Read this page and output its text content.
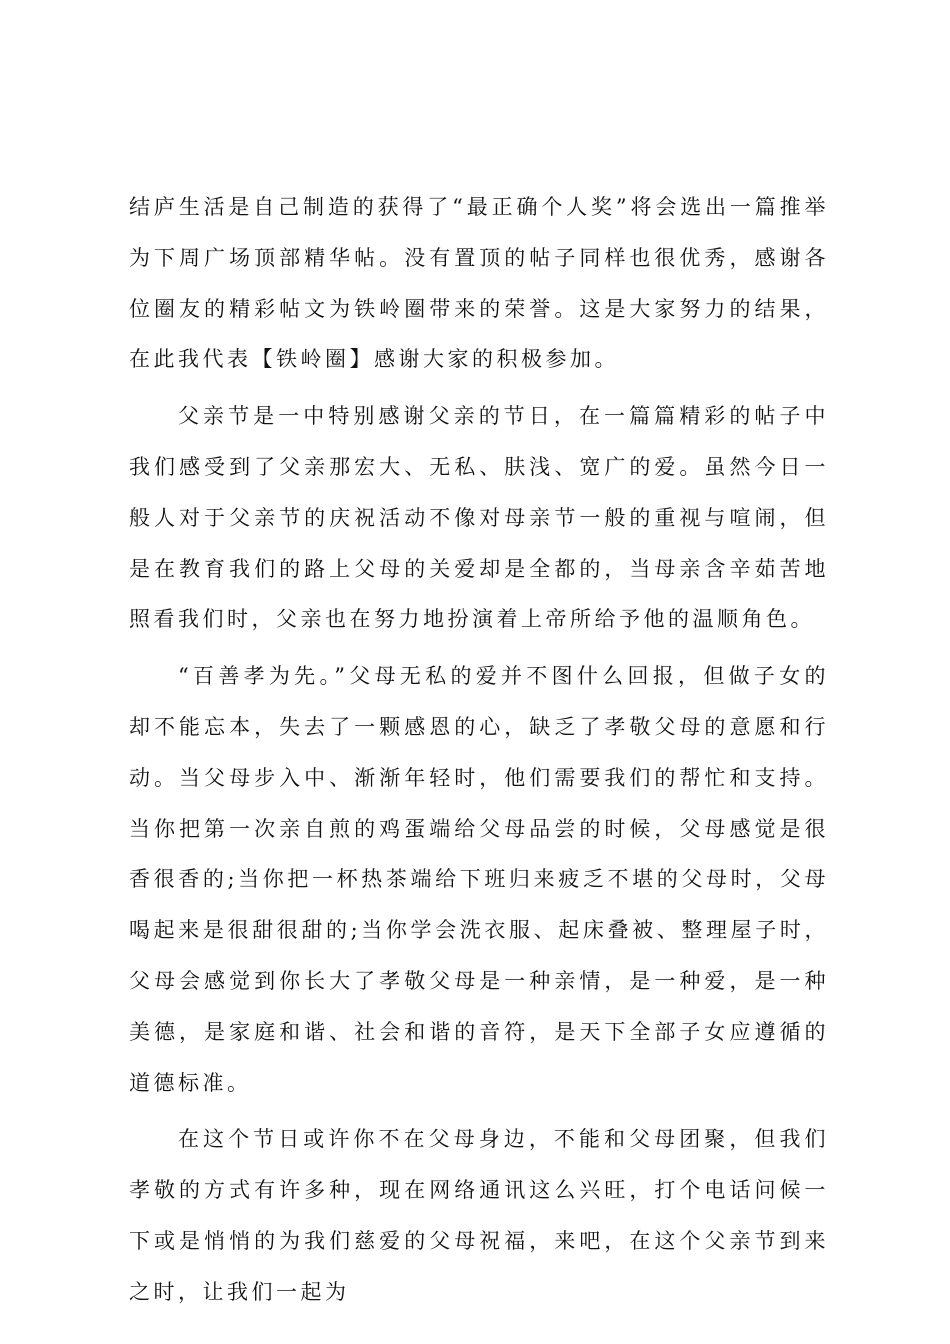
结庐生活是自己制造的获得了“最正确个人奖”将会选出一篇推举为下周广场顶部精华帖。没有置顶的帖子同样也很优秀，感谢各位圈友的精彩帖文为铁岭圈带来的荣誉。这是大家努力的结果，在此我代表【铁岭圈】感谢大家的积极参加。

父亲节是一中特别感谢父亲的节日，在一篇篇精彩的帖子中我们感受到了父亲那宏大、无私、肤浅、宽广的爱。虽然今日一般人对于父亲节的庆祝活动不像对母亲节一般的重视与喧闹，但是在教育我们的路上父母的关爱却是全都的，当母亲含辛茹苦地照看我们时，父亲也在努力地扮演着上帝所给予他的温顺角色。

“百善孝为先。”父母无私的爱并不图什么回报，但做子女的却不能忘本，失去了一颗感恩的心，缺乏了孝敬父母的意愿和行动。当父母步入中、渐渐年轻时，他们需要我们的帮忙和支持。当你把第一次亲自煎的鸡蛋端给父母品尝的时候，父母感觉是很香很香的;当你把一杯热茶端给下班归来疲乏不堪的父母时，父母喝起来是很甜很甜的;当你学会洗衣服、起床叠被、整理屋子时，父母会感觉到你长大了孝敬父母是一种亲情，是一种爱，是一种美德，是家庭和谐、社会和谐的音符，是天下全部子女应遵循的道德标准。

在这个节日或许你不在父母身边，不能和父母团聚，但我们孝敬的方式有许多种，现在网络通讯这么兴旺，打个电话问候一下或是悄悄的为我们慈爱的父母祝福，来吧，在这个父亲节到来之时，让我们一起为
